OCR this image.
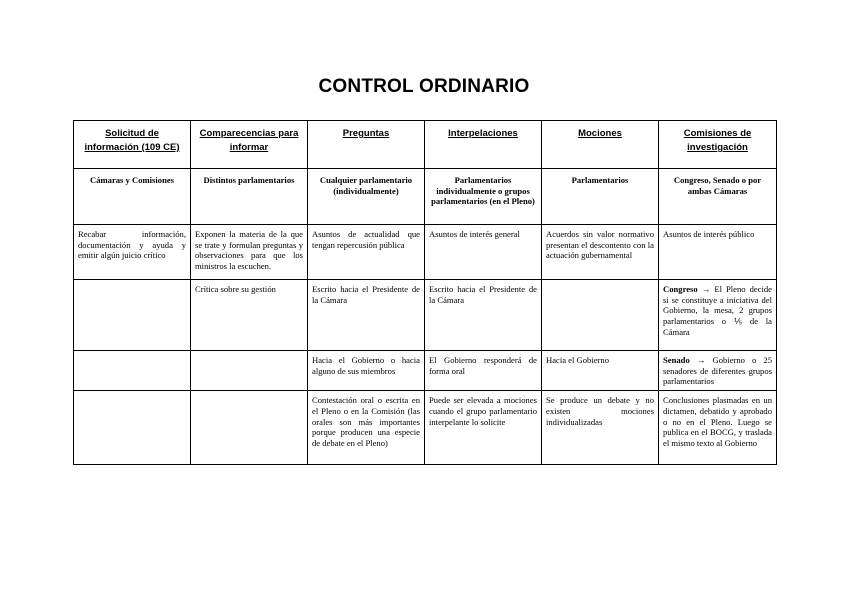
CONTROL ORDINARIO
Solicitud de información (109 CE)	Comparecencias para informar	Preguntas	Interpelaciones	Mociones	Comisiones de investigación
Cámaras y Comisiones	Distintos parlamentarios	Cualquier parlamentario (individualmente)	Parlamentarios individualmente o grupos parlamentarios (en el Pleno)	Parlamentarios	Congreso, Senado o por ambas Cámaras
Recabar información, documentación y ayuda y emitir algún juicio crítico	Exponen la materia de la que se trate y formulan preguntas y observaciones para que los ministros la escuchen.	Asuntos de actualidad que tengan repercusión pública	Asuntos de interés general	Acuerdos sin valor normativo presentan el descontento con la actuación gubernamental	Asuntos de interés público
	Crítica sobre su gestión	Escrito hacia el Presidente de la Cámara	Escrito hacia el Presidente de la Cámara		Congreso → El Pleno decide si se constituye a iniciativa del Gobierno, la mesa, 2 grupos parlamentarios o ⅕ de la Cámara
		Hacia el Gobierno o hacia alguno de sus miembros	El Gobierno responderá de forma oral	Hacia el Gobierno	Senado → Gobierno o 25 senadores de diferentes grupos parlamentarios
		Contestación oral o escrita en el Pleno o en la Comisión (las orales son más importantes porque producen una especie de debate en el Pleno)	Puede ser elevada a mociones cuando el grupo parlamentario interpelante lo solicite	Se produce un debate y no existen mociones individualizadas	Conclusiones plasmadas en un dictamen, debatido y aprobado o no en el Pleno. Luego se publica en el BOCG, y traslada el mismo texto al Gobierno
